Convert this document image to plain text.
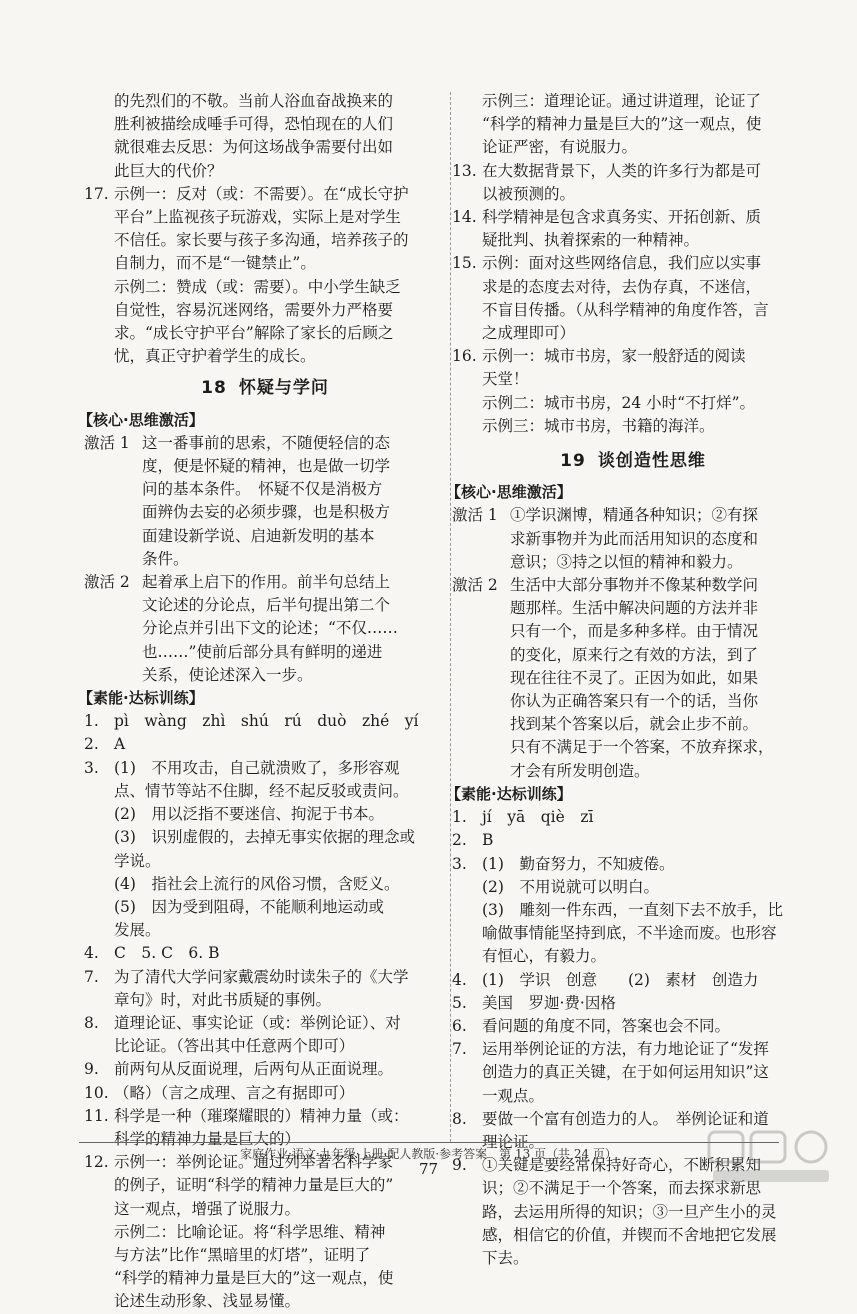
的先烈们的不敬。当前人浴血奋战换来的

胜利被描绘成唾手可得，恐怕现在的人们

就很难去反思：为何这场战争需要付出如

此巨大的代价？

17. 示例一：反对（或：不需要）。在“成长守护

平台”上监视孩子玩游戏，实际上是对学生

不信任。家长要与孩子多沟通，培养孩子的

自制力，而不是“一键禁止”。

示例二：赞成（或：需要）。中小学生缺乏

自觉性，容易沉迷网络，需要外力严格要

求。“成长守护平台”解除了家长的后顾之

忧，真正守护着学生的成长。

18 怀疑与学问

【核心·思维激活】

激活 1 这一番事前的思索，不随便轻信的态

度，便是怀疑的精神，也是做一切学

问的基本条件。　怀疑不仅是消极方

面辨伪去妄的必须步骤，也是积极方

面建设新学说、启迪新发明的基本

条件。

激活 2 起着承上启下的作用。前半句总结上

文论述的分论点，后半句提出第二个

分论点并引出下文的论述；“不仅……

也……”使前后部分具有鲜明的递进

关系，使论述深入一步。

【素能·达标训练】

1. pì　wàng　zhì　shú　rú　duò　zhé　yí

2. A

3. (1)　不用攻击，自己就溃败了，多形容观

点、情节等站不住脚，经不起反驳或责问。

(2)　用以泛指不要迷信、拘泥于书本。

(3)　识别虚假的，去掉无事实依据的理念或

学说。

(4)　指社会上流行的风俗习惯，含贬义。

(5)　因为受到阻碍，不能顺利地运动或

发展。

4. C　5. C　6. B

7. 为了清代大学问家戴震幼时读朱子的《大学

章句》时，对此书质疑的事例。

8. 道理论证、事实论证（或：举例论证）、对

比论证。（答出其中任意两个即可）

9. 前两句从反面说理，后两句从正面说理。

10. （略）（言之成理、言之有据即可）

11. 科学是一种（璀璨耀眼的）精神力量（或：

科学的精神力量是巨大的）

12. 示例一：举例论证。通过列举著名科学家

的例子，证明“科学的精神力量是巨大的”

这一观点，增强了说服力。

示例二：比喻论证。将“科学思维、精神

与方法”比作“黑暗里的灯塔”，证明了

“科学的精神力量是巨大的”这一观点，使

论述生动形象、浅显易懂。

示例三：道理论证。通过讲道理，论证了

“科学的精神力量是巨大的”这一观点，使

论证严密，有说服力。

13. 在大数据背景下，人类的许多行为都是可

以被预测的。

14. 科学精神是包含求真务实、开拓创新、质

疑批判、执着探索的一种精神。

15. 示例：面对这些网络信息，我们应以实事

求是的态度去对待，去伪存真，不迷信，

不盲目传播。（从科学精神的角度作答，言

之成理即可）

16. 示例一：城市书房，家一般舒适的阅读

天堂！

示例二：城市书房，24 小时“不打烊”。

示例三：城市书房，书籍的海洋。

19 谈创造性思维

【核心·思维激活】

激活 1 ①学识渊博，精通各种知识；②有探

求新事物并为此而活用知识的态度和

意识；③持之以恒的精神和毅力。

激活 2 生活中大部分事物并不像某种数学问

题那样。生活中解决问题的方法并非

只有一个，而是多种多样。由于情况

的变化，原来行之有效的方法，到了

现在往往不灵了。正因为如此，如果

你认为正确答案只有一个的话，当你

找到某个答案以后，就会止步不前。

只有不满足于一个答案，不放弃探求，

才会有所发明创造。

【素能·达标训练】

1. jí　yā　qiè　zī

2. B

3. (1)　勤奋努力，不知疲倦。

(2)　不用说就可以明白。

(3)　雕刻一件东西，一直刻下去不放手，比

喻做事情能坚持到底，不半途而废。也形容

有恒心，有毅力。

4. (1)　学识　创意　　(2)　素材　创造力

5. 美国　罗迦·费·因格

6. 看问题的角度不同，答案也会不同。

7. 运用举例论证的方法，有力地论证了“发挥

创造力的真正关键，在于如何运用知识”这

一观点。

8. 要做一个富有创造力的人。　举例论证和道

理论证。

9. ①关键是要经常保持好奇心，不断积累知

识；②不满足于一个答案，而去探求新思

路，去运用所得的知识；③一旦产生小的灵

感，相信它的价值，并锲而不舍地把它发展

下去。

家庭作业·语文·九年级·上册·配人教版·参考答案　第 13 页（共 24 页）
77
